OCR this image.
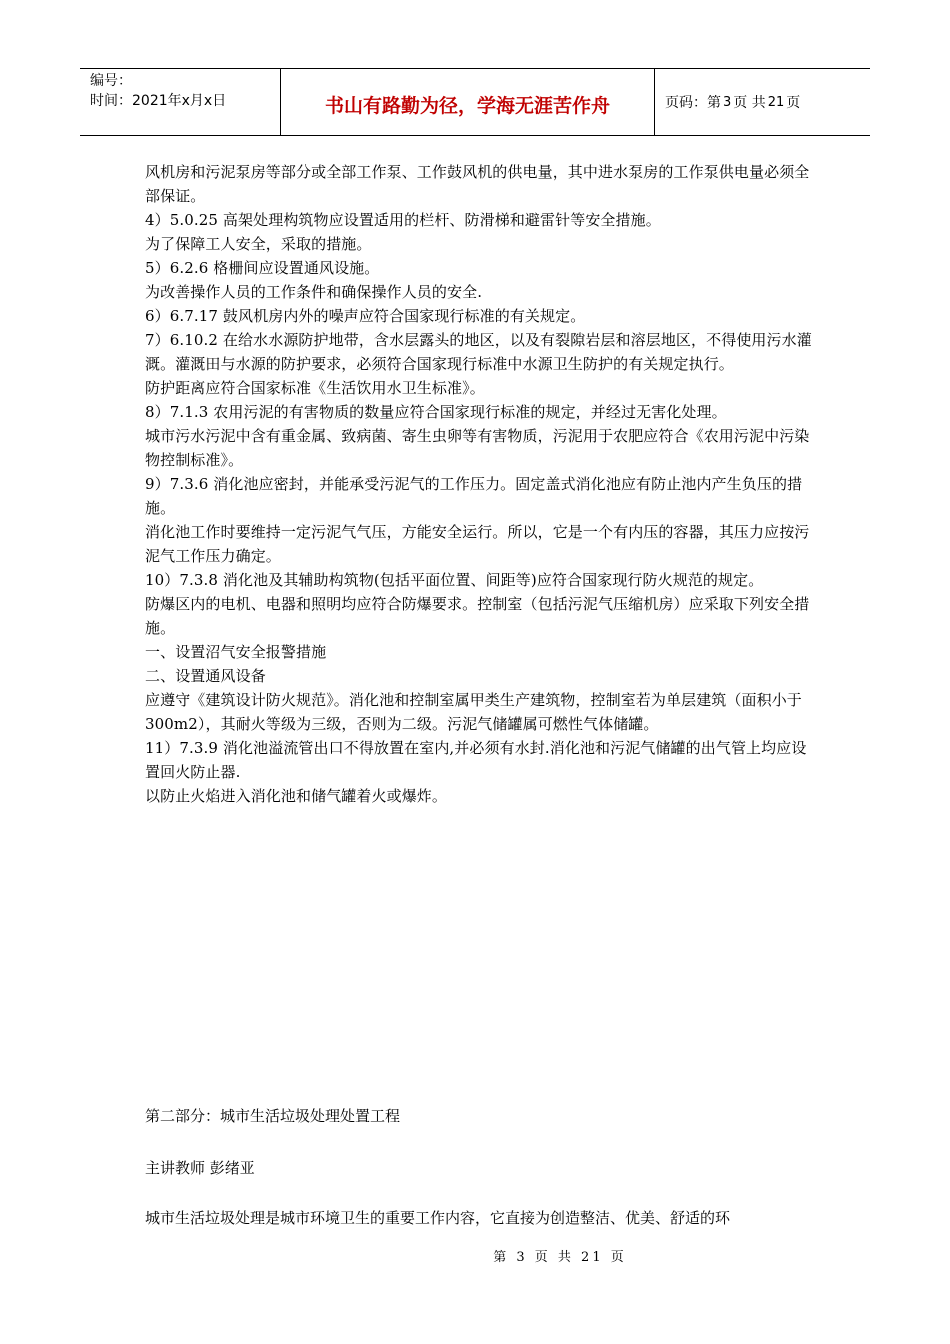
编号：
时间：2021年x月x日	书山有路勤为径，学海无涯苦作舟	页码：第 3 页 共 21 页

风机房和污泥泵房等部分或全部工作泵、工作鼓风机的供电量，其中进水泵房的工作泵供电量必须全部保证。

4）5.0.25 高架处理构筑物应设置适用的栏杆、防滑梯和避雷针等安全措施。

为了保障工人安全，采取的措施。

5）6.2.6 格栅间应设置通风设施。

为改善操作人员的工作条件和确保操作人员的安全.

6）6.7.17 鼓风机房内外的噪声应符合国家现行标准的有关规定。

7）6.10.2 在给水水源防护地带，含水层露头的地区，以及有裂隙岩层和溶层地区，不得使用污水灌溉。灌溉田与水源的防护要求，必须符合国家现行标准中水源卫生防护的有关规定执行。

防护距离应符合国家标准《生活饮用水卫生标准》。

8）7.1.3 农用污泥的有害物质的数量应符合国家现行标准的规定，并经过无害化处理。

城市污水污泥中含有重金属、致病菌、寄生虫卵等有害物质，污泥用于农肥应符合《农用污泥中污染物控制标准》。

9）7.3.6 消化池应密封，并能承受污泥气的工作压力。固定盖式消化池应有防止池内产生负压的措施。

消化池工作时要维持一定污泥气气压，方能安全运行。所以，它是一个有内压的容器，其压力应按污泥气工作压力确定。

10）7.3.8 消化池及其辅助构筑物(包括平面位置、间距等)应符合国家现行防火规范的规定。

防爆区内的电机、电器和照明均应符合防爆要求。控制室（包括污泥气压缩机房）应采取下列安全措施。

一、设置沼气安全报警措施

二、设置通风设备

应遵守《建筑设计防火规范》。消化池和控制室属甲类生产建筑物，控制室若为单层建筑（面积小于 300m2），其耐火等级为三级，否则为二级。污泥气储罐属可燃性气体储罐。

11）7.3.9 消化池溢流管出口不得放置在室内,并必须有水封.消化池和污泥气储罐的出气管上均应设置回火防止器.

以防止火焰进入消化池和储气罐着火或爆炸。

第二部分：城市生活垃圾处理处置工程

主讲教师 彭绪亚

城市生活垃圾处理是城市环境卫生的重要工作内容，它直接为创造整洁、优美、舒适的环

第 3 页 共 21 页
